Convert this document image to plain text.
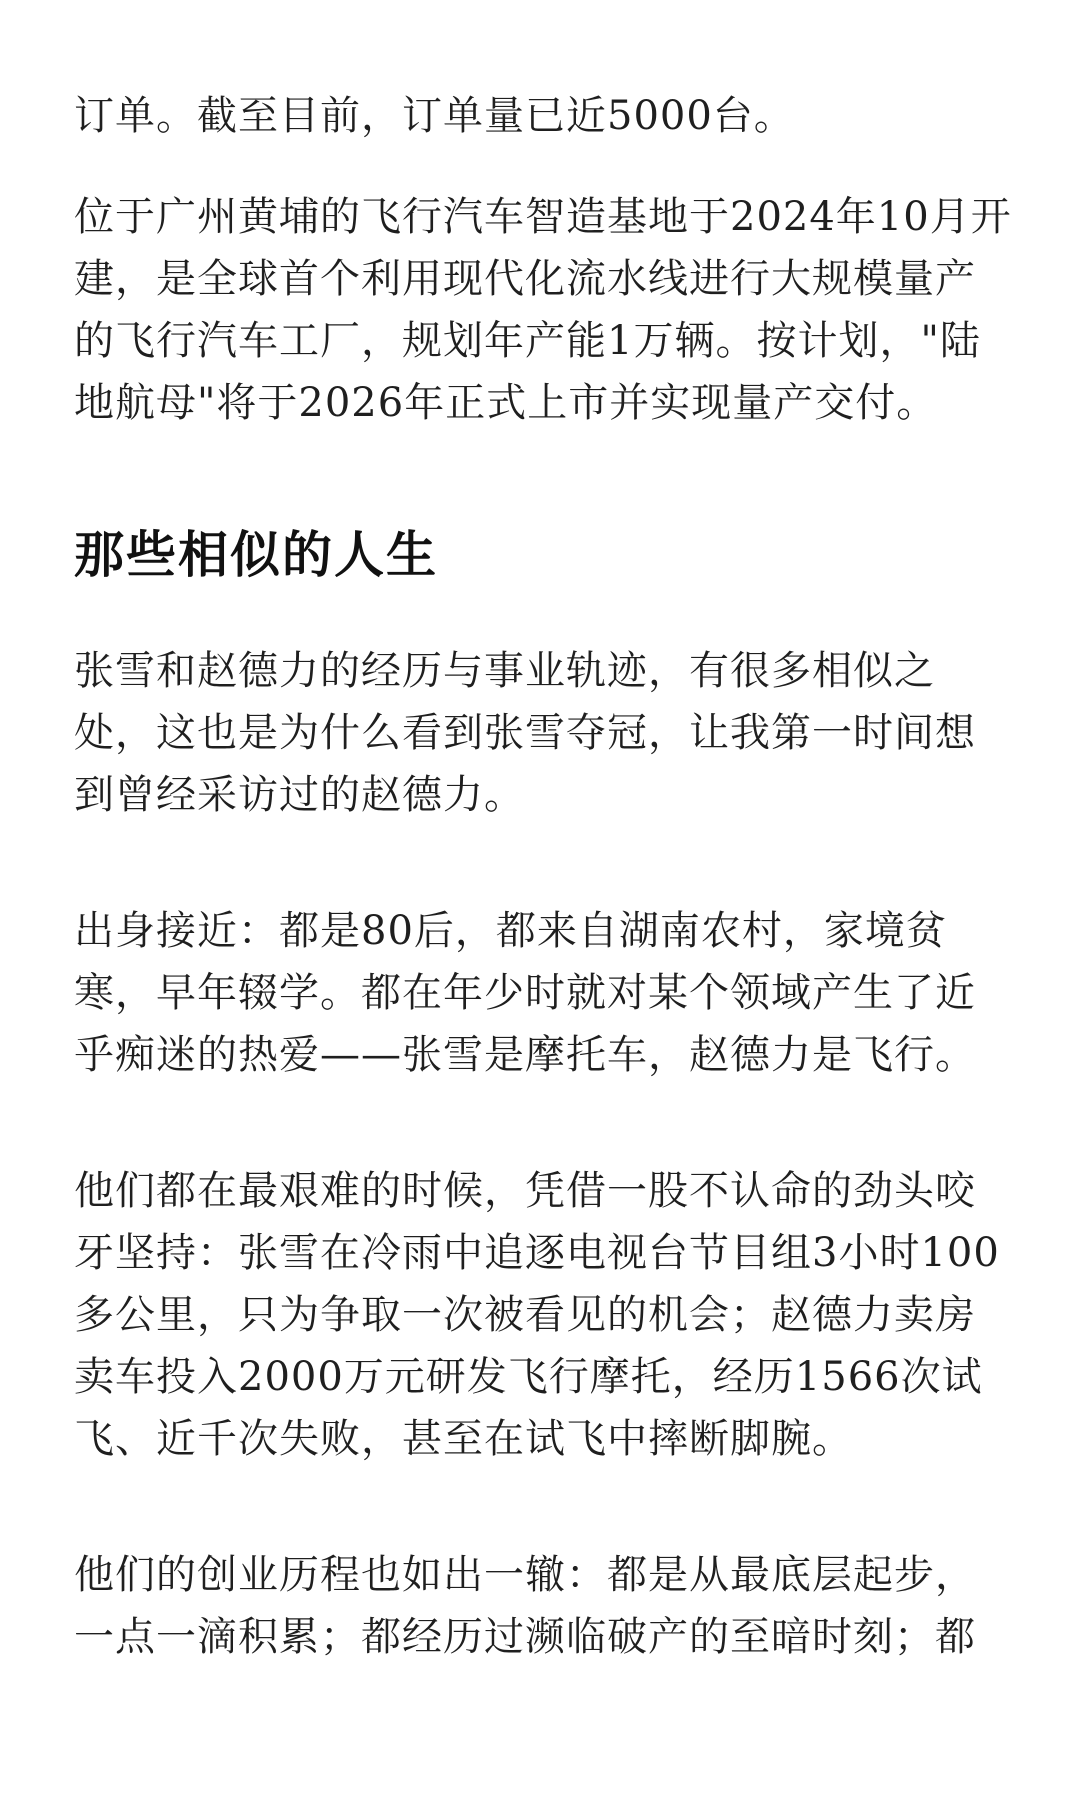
订单。截至目前，订单量已近5000台。

位于广州黄埔的飞行汽车智造基地于2024年10月开建，是全球首个利用现代化流水线进行大规模量产的飞行汽车工厂，规划年产能1万辆。按计划，"陆地航母"将于2026年正式上市并实现量产交付。

那些相似的人生

张雪和赵德力的经历与事业轨迹，有很多相似之处，这也是为什么看到张雪夺冠，让我第一时间想到曾经采访过的赵德力。

出身接近：都是80后，都来自湖南农村，家境贫寒，早年辍学。都在年少时就对某个领域产生了近乎痴迷的热爱——张雪是摩托车，赵德力是飞行。

他们都在最艰难的时候，凭借一股不认命的劲头咬牙坚持：张雪在冷雨中追逐电视台节目组3小时100多公里，只为争取一次被看见的机会；赵德力卖房卖车投入2000万元研发飞行摩托，经历1566次试飞、近千次失败，甚至在试飞中摔断脚腕。

他们的创业历程也如出一辙：都是从最底层起步，一点一滴积累；都经历过濒临破产的至暗时刻；都
